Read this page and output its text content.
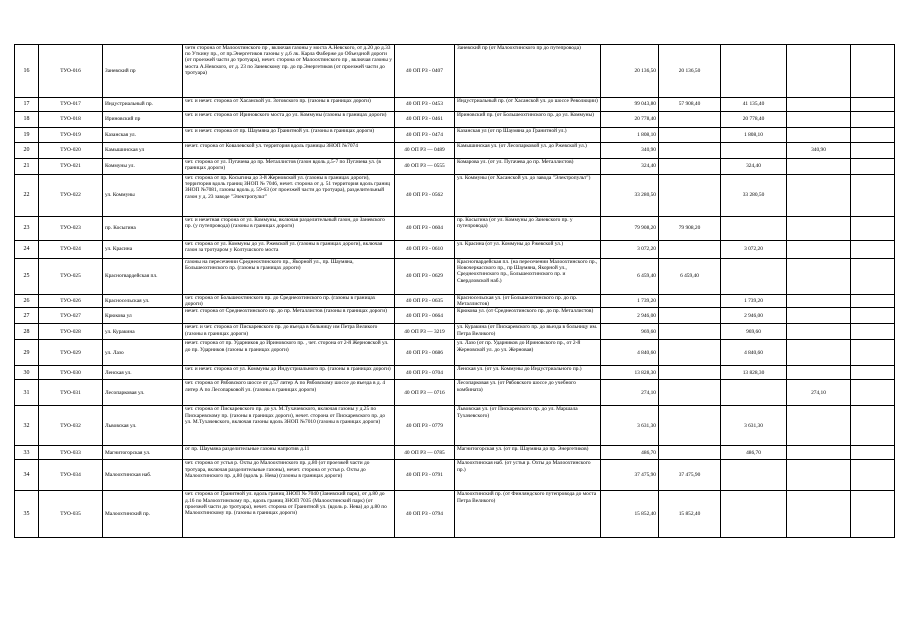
16	ТУО-016	Заневский пр	четн сторона от Малоохтинского пр , включая газоны у моста А.Невского, от д.20 до д.33 по Уткину пр., от пр.Энергетиков газоны у д.6 лк. Карла Фаберже до Объездной дороги (от проезжей части до тротуара), нечет. сторона от Малоохтинского пр , включая газоны у моста А.Невского, от д. 23 по Заневскому пр. до пр.Энергетиков (от проезжей части до тротуара)	40 ОП РЗ - 0407	Заневский пр (от Малоохтинского пр до путепровода)	20 136,50	20 136,50			
17	ТУО-017	Индустриальный пр.	чет. и нечет. сторона от Хасанской ул. Зотовского пр. (газоны в границах дороги)	40 ОП РЗ - 0453	Индустриальный пр. (от Хасанской ул. до шоссе Революции)	99 043,80	57 908,40	41 135,40		
18	ТУО-018	Ириновский пр	чет. и нечет. сторона от Ириновского моста до ул. Коммуны (газоны в границах дороги)	40 ОП РЗ - 0461	Ириновский пр. (от Большеохтинского пр. до ул. Коммуны)	20 778,40		20 778,40		
19	ТУО-019	Казанская ул.	чет. и нечет. сторона от пр. Шаумяна до Гранитной ул. (газоны в границах дороги)	40 ОП РЗ - 0474	Казанская ул (от пр Шаумяна до Гранитной ул.)	1 808,10		1 808,10		
20	ТУО-020	Камышинская ул	нечет. сторона от Ковалевской ул. территория вдоль границы ЗНОП №7074	40 ОП РЗ — 0489	Камышинская ул. (от Лесопарковой ул. до Ржевской ул.)	340,90			340,90	
21	ТУО-021	Коммуны ул.	чет. сторона от ул. Пугачева до пр. Металлистов (газон вдоль д.5-7 по Пугачева ул. (в границах дороги)	40 ОП РЗ — 0555	Комарова ул. (от ул. Пугачева до пр. Металлистов)	324,40		324,40		
22	ТУО-022	ул. Коммуны	чет. сторона от пр. Косыгина до 3-й Жерновской ул. (газоны в границах дороги), территория вдоль границ ЗНОП № 7046, нечет. сторона от д. 51 территория вдоль границ ЗНОП №7081, газоны вдоль д. 59-63 (от проезжей части до тротуара), разделительный газон у д. 23 заводе "Электропульт"	40 ОП РЗ - 0562	ул. Коммуны (от Хасанской ул. до завода "Электропульт")	33 280,50		33 280,50		
23	ТУО-023	пр. Косыгина	чет. и нечетная сторона от ул. Коммуны, включая разделительный газон, до Заневского пр. (у путепровода) (газоны в границах дороги)	40 ОП РЗ - 0604	пр. Косыгина (от ул. Коммуны до Заневского пр. у путепровода)	79 908,20	79 908,20			
24	ТУО-024	ул. Красина	чет. сторона от ул. Коммуны до ул. Ржевской ул. (газоны в границах дороги), включая газон за тротуаром у Колтушского моста	40 ОП РЗ - 0610	ул. Красина (от ул. Коммуны до Ржевской ул.)	3 072,20		3 072,20		
25	ТУО-025	Красногвардейская пл.	газоны на пересечении Среднеохтинского пр., Якорной ул., пр. Шаумяна, Большеохтинского пр. (газоны в границах дороги)	40 ОП РЗ - 0629	Красногвардейская пл. (на пересечении Малоохтинского пр., Новочеркасского пр., пр Шаумяна, Якорной ул., Среднеохтинского пр., Большеохтинского пр. и Свердловской наб.)	6 459,40	6 459,40			
26	ТУО-026	Красносельская ул.	чет. сторона от Большеохтинского пр. до Среднеохтинского пр. (газоны в границах дороги)	40 ОП РЗ - 0635	Красносельская ул. (от Большеохтинского пр. до пр. Металлистов)	1 739,20		1 739,20		
27	ТУО-027	Крюкова ул	нечет. сторона от Среднеохтинского пр. до пр. Металлистов (газоны в границах дороги)	40 ОП РЗ - 0664	Крюкова ул. (от Среднеохтинского пр. до пр. Металлистов)	2 946,00		2 946,00		
28	ТУО-028	ул. Куракина	нечет. и чет. сторона от Пискаревского пр. до въезда в больницу им Петра Великого (газоны в границах дороги)	40 ОП РЗ — 3219	ул. Куракина (от Пискаревского пр. до въезда в больницу им. Петра Великого)	969,60		969,60		
29	ТУО-029	ул. Лазо	нечет. сторона от пр. Ударников до Ириновского пр. , чет. сторона от 2-й Жерновской ул. до пр. Ударников (газоны в границах дороги)	40 ОП РЗ - 0686	ул. Лазо (от пр. Ударников до Ириновского пр., от 2-й Жерновской ул. до ул. Жерновая)	4 840,60		4 840,60		
30	ТУО-030	Ленская ул.	чет. и нечет. сторона от ул. Коммуны до Индустриального пр. (газоны в границах дороги)	40 ОП РЗ - 0704	Ленская ул. (от ул. Коммуны до Индустриального пр.)	13 828,30		13 828,30		
31	ТУО-031	Лесопарковая ул.	чет. сторона от Рябовского шоссе от д.57 литер А по Рябовскому шоссе до въезда в д. 4 литер А по Лесопарковой ул. (газоны в границах дороги)	40 ОП РЗ — 0716	Лесопарковая ул. (от Рябовского шоссе до учебного комбината)	274,10			274,10	
32	ТУО-032	Львовская ул.	чет. сторона от Пискаревского пр. до ул. М.Тухачевского, включая газоны у д.25 по Пискаревскому пр. (газоны в границах дороги), нечет. сторона от Пискаревского пр. до ул. М.Тухачевского, включая газоны вдоль ЗНОП №7010 (газоны в границах дороги)	40 ОП РЗ - 0779	Львовская ул. (от Пискаревского пр. до ул. Маршала Тухачевского)	3 631,30		3 631,30		
33	ТУО-033	Магнитогорская ул.	от пр. Шаумяна разделительные газоны напротив д.11	40 ОП РЗ — 0785	Магнитогорская ул. (от пр. Шаумяна до пр. Энергетиков)	486,70		486,70		
34	ТУО-034	Малоохтинская наб.	чет. сторона от устья р. Охты до Малоохтинского пр. д.80 (от проезжей части до тротуара, включая разделительные газоны), нечет. сторона от устья р. Охты до Малоохтинского пр. д.80 (вдоль р. Нева) (газоны в границах дороги)	40 ОП РЗ - 0791	Малоохтинская наб. (от устья р. Охты до Малоохтинского пр.)	37 475,90	37 475,90			
35	ТУО-035	Малоохтинский пр.	чет. сторона от Гранитной ул. вдоль границ ЗНОП № 7040 (Заневский парк), от д.80 до д.16 по Малоохтинскому пр., вдоль границ ЗНОП 7035 (Малоохтинский парк) (от проезжей части до тротуара), нечет. сторона от Гранитной ул. (вдоль р. Нева) до д.80 по Малоохтинскому пр. (газоны в границах дороги)	40 ОП РЗ - 0794	Малоохтинский пр. (от Финляндского путепровода до моста Петра Великого)	15 852,40	15 852,40			
